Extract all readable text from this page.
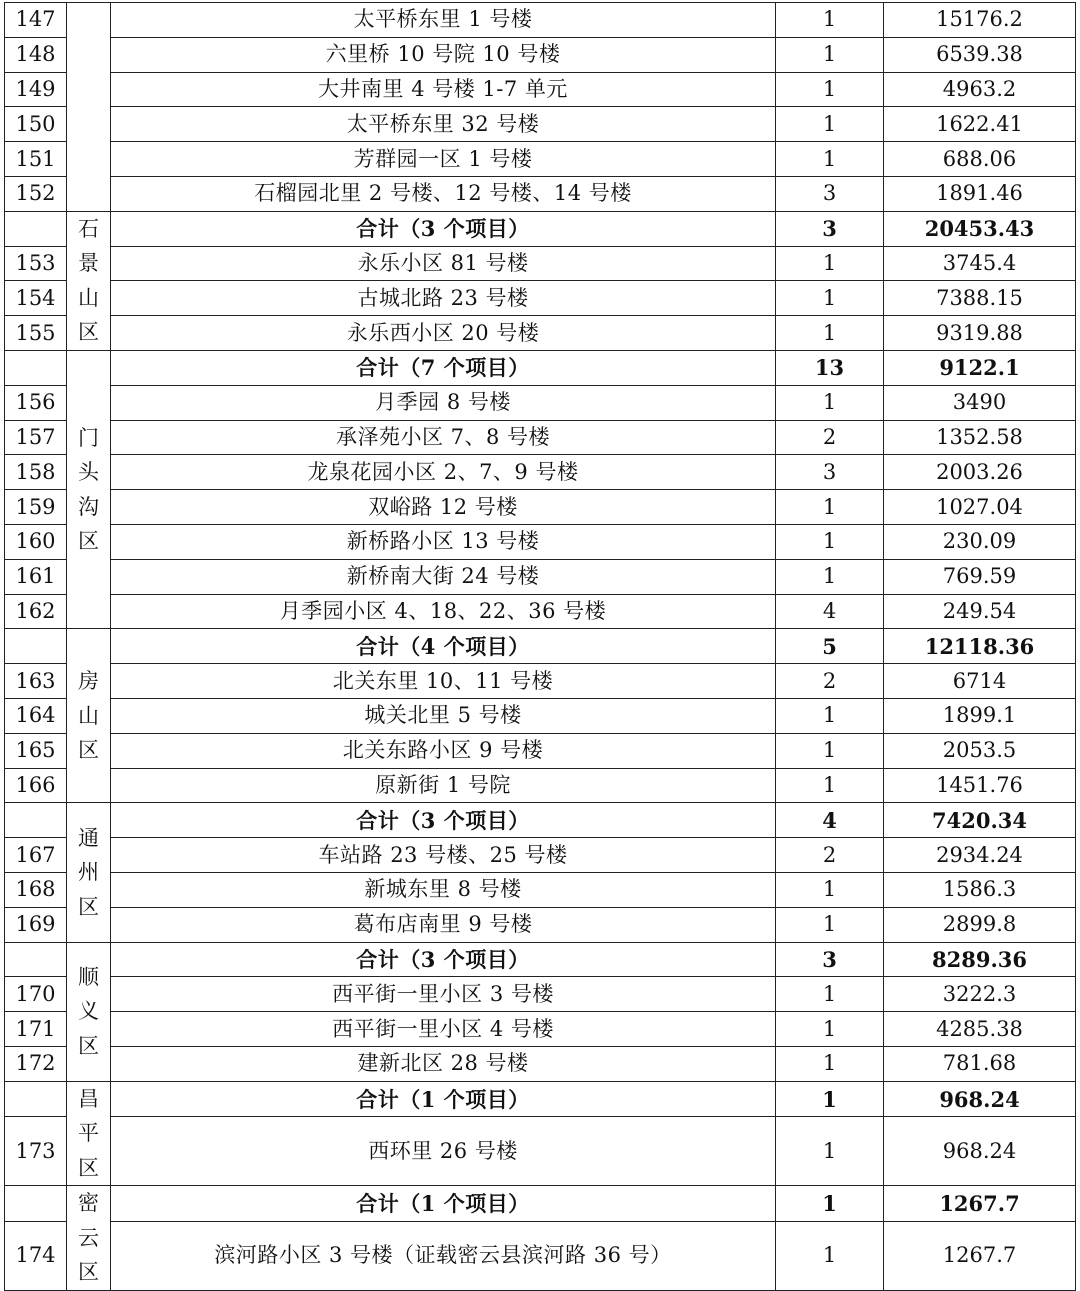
147		太平桥东里 1 号楼	1	15176.2
148		六里桥 10 号院 10 号楼	1	6539.38
149		大井南里 4 号楼 1-7 单元	1	4963.2
150		太平桥东里 32 号楼	1	1622.41
151		芳群园一区 1 号楼	1	688.06
152		石榴园北里 2 号楼、12 号楼、14 号楼	3	1891.46

	石景山区	合计（3 个项目）	3	20453.43
153		永乐小区 81 号楼	1	3745.4
154		古城北路 23 号楼	1	7388.15
155		永乐西小区 20 号楼	1	9319.88

	门头沟区	合计（7 个项目）	13	9122.1
156		月季园 8 号楼	1	3490
157		承泽苑小区 7、8 号楼	2	1352.58
158		龙泉花园小区 2、7、9 号楼	3	2003.26
159		双峪路 12 号楼	1	1027.04
160		新桥路小区 13 号楼	1	230.09
161		新桥南大街 24 号楼	1	769.59
162		月季园小区 4、18、22、36 号楼	4	249.54

	房山区	合计（4 个项目）	5	12118.36
163		北关东里 10、11 号楼	2	6714
164		城关北里 5 号楼	1	1899.1
165		北关东路小区 9 号楼	1	2053.5
166		原新街 1 号院	1	1451.76

	通州区	合计（3 个项目）	4	7420.34
167		车站路 23 号楼、25 号楼	2	2934.24
168		新城东里 8 号楼	1	1586.3
169		葛布店南里 9 号楼	1	2899.8

	顺义区	合计（3 个项目）	3	8289.36
170		西平街一里小区 3 号楼	1	3222.3
171		西平街一里小区 4 号楼	1	4285.38
172		建新北区 28 号楼	1	781.68

	昌平区	合计（1 个项目）	1	968.24
173		西环里 26 号楼	1	968.24

	密云区	合计（1 个项目）	1	1267.7
174		滨河路小区 3 号楼（证载密云县滨河路 36 号）	1	1267.7
